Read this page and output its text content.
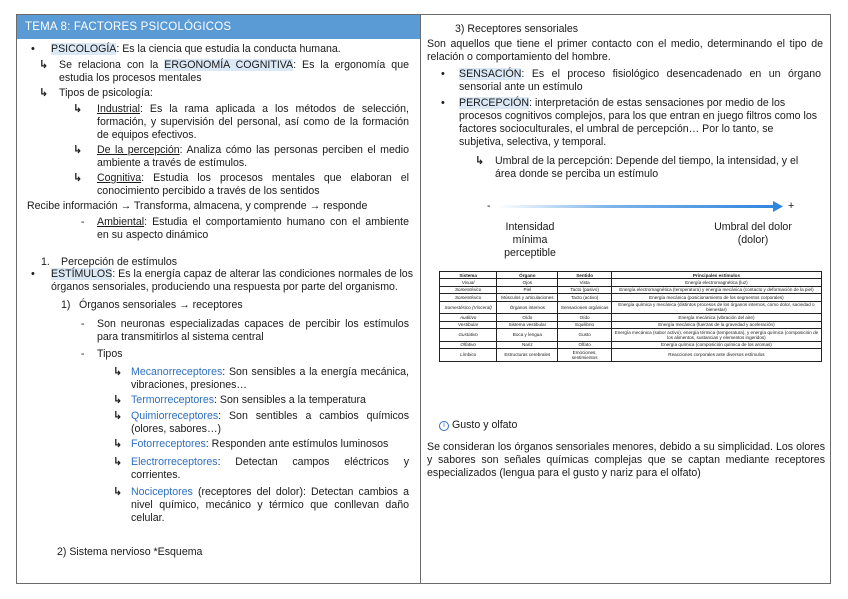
TEMA 8: FACTORES PSICOLÓGICOS
• PSICOLOGÍA: Es la ciencia que estudia la conducta humana.
↳ Se relaciona con la ERGONOMÍA COGNITIVA: Es la ergonomía que estudia los procesos mentales
↳ Tipos de psicología:
↳ Industrial: Es la rama aplicada a los métodos de selección, formación, y supervisión del personal, así como de la formación de equipos efectivos.
↳ De la percepción: Analiza cómo las personas perciben el medio ambiente a través de estímulos.
↳ Cognitiva: Estudia los procesos mentales que elaboran el conocimiento percibido a través de los sentidos
Recibe información → Transforma, almacena, y comprende → responde
- Ambiental: Estudia el comportamiento humano con el ambiente en su aspecto dinámico
1. Percepción de estímulos
• ESTÍMULOS: Es la energía capaz de alterar las condiciones normales de los órganos sensoriales, produciendo una respuesta por parte del organismo.
1) Órganos sensoriales → receptores
- Son neuronas especializadas capaces de percibir los estímulos para transmitirlos al sistema central
- Tipos
↳ Mecanorreceptores: Son sensibles a la energía mecánica, vibraciones, presiones…
↳ Termorreceptores: Son sensibles a la temperatura
↳ Quimiorreceptores: Son sentibles a cambios químicos (olores, sabores…)
↳ Fotorreceptores: Responden ante estímulos luminosos
↳ Electrorreceptores: Detectan campos eléctricos y corrientes.
↳ Nociceptores (receptores del dolor): Detectan cambios a nivel químico, mecánico y térmico que conllevan daño celular.
2) Sistema nervioso *Esquema
3) Receptores sensoriales
Son aquellos que tiene el primer contacto con el medio, determinando el tipo de relación o comportamiento del hombre.
• SENSACIÓN: Es el proceso fisiológico desencadenado en un órgano sensorial ante un estímulo
• PERCEPCIÓN: interpretación de estas sensaciones por medio de los procesos cognitivos complejos, para los que entran en juego filtros como los factores socioculturales, el umbral de percepción… Por lo tanto, se subjetiva, selectiva, y temporal.
↳ Umbral de la percepción: Depende del tiempo, la intensidad, y el área donde se perciba un estímulo
-	+
Intensidad mínima perceptible
Umbral del dolor (dolor)
Sistema	Órgano	Sentido	Principales estímulos
Visual	Ojos	Vista	Energía electromagnética (luz)
Somestésico	Piel	Tacto (pasivo)	Energía electromagnética (temperatura) y energía mecánica (contacto y deformación de la piel)
Somestésico	Músculos y articulaciones	Tacto (activo)	Energía mecánica (posicionamiento de los segmentos corporales)
Somestésico (Vísceral)	Órganos internos	Sensaciones orgánicas	Energía química y mecánica (distintos procesos de los órganos internos, como dolor, saciedad o bienestar)
Auditivo	Oído	Oído	Energía mecánica (vibración del aire)
Vestibular	Sistema vestibular	Equilibrio	Energía mecánica (fuerzas de la gravedad y aceleración)
Gustativo	Boca y lengua	Gusto	Energía mecánica (sabor activo), energía térmica (temperatura), y energía química (composición de los alimentos, sustancias y elementos ingeridos)
Olfativo	Nariz	Olfato	Energía química (composición química de los aromas)
Límbico	Estructuras cerebrales	Emociones, sentimientos	Reacciones corporales ante diversos estímulos
i Gusto y olfato
Se consideran los órganos sensoriales menores, debido a su simplicidad. Los olores y sabores son señales químicas complejas que se captan mediante receptores especializados (lengua para el gusto y nariz para el olfato)
